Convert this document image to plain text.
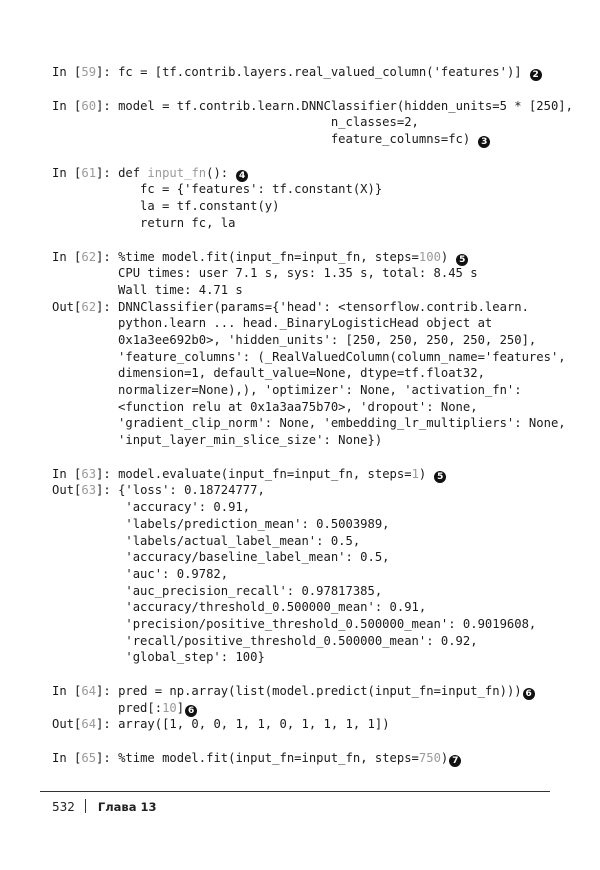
In [59]: fc = [tf.contrib.layers.real_valued_column('features')] 2
In [60]: model = tf.contrib.learn.DNNClassifier(hidden_units=5 * [250],
n_classes=2,
feature_columns=fc) 3
In [61]: def input_fn(): 4
fc = {'features': tf.constant(X)}
la = tf.constant(y)
return fc, la
In [62]: %time model.fit(input_fn=input_fn, steps=100) 5
CPU times: user 7.1 s, sys: 1.35 s, total: 8.45 s
Wall time: 4.71 s
Out[62]: DNNClassifier(params={'head': <tensorflow.contrib.learn.
python.learn ... head._BinaryLogisticHead object at
0x1a3ee692b0>, 'hidden_units': [250, 250, 250, 250, 250],
'feature_columns': (_RealValuedColumn(column_name='features',
dimension=1, default_value=None, dtype=tf.float32,
normalizer=None),), 'optimizer': None, 'activation_fn':
<function relu at 0x1a3aa75b70>, 'dropout': None,
'gradient_clip_norm': None, 'embedding_lr_multipliers': None,
'input_layer_min_slice_size': None})
In [63]: model.evaluate(input_fn=input_fn, steps=1) 5
Out[63]: {'loss': 0.18724777,
'accuracy': 0.91,
'labels/prediction_mean': 0.5003989,
'labels/actual_label_mean': 0.5,
'accuracy/baseline_label_mean': 0.5,
'auc': 0.9782,
'auc_precision_recall': 0.97817385,
'accuracy/threshold_0.500000_mean': 0.91,
'precision/positive_threshold_0.500000_mean': 0.9019608,
'recall/positive_threshold_0.500000_mean': 0.92,
'global_step': 100}
In [64]: pred = np.array(list(model.predict(input_fn=input_fn))) 6
pred[:10] 6
Out[64]: array([1, 0, 0, 1, 1, 0, 1, 1, 1, 1])
In [65]: %time model.fit(input_fn=input_fn, steps=750) 7
532 Глава 13
